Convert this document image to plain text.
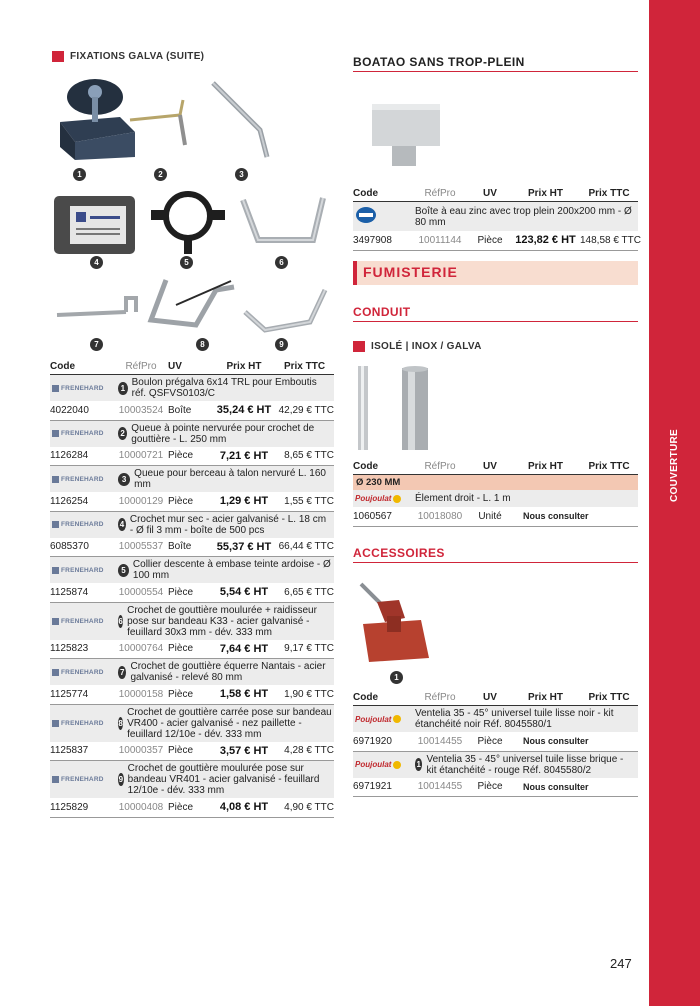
COUVERTURE
FIXATIONS GALVA (SUITE)
1	2	3
4	5	6
7	8	9
Code	RéfPro	UV	Prix HT	Prix TTC

FRENEHARD	1 Boulon prégalva 6x14 TRL pour Emboutis réf. QSFVS0103/C			

4022040	10003524	Boîte	35,24 € HT	42,29 € TTC

FRENEHARD	2 Queue à pointe nervurée pour crochet de gouttière - L. 250 mm			

1126284	10000721	Pièce	7,21 € HT	8,65 € TTC

FRENEHARD	3 Queue pour berceau à talon nervuré L. 160 mm			

1126254	10000129	Pièce	1,29 € HT	1,55 € TTC

FRENEHARD	4 Crochet mur sec - acier galvanisé - L. 18 cm - Ø fil 3 mm - boîte de 500 pcs			

6085370	10005537	Boîte	55,37 € HT	66,44 € TTC

FRENEHARD	5 Collier descente à embase teinte ardoise - Ø 100 mm			

1125874	10000554	Pièce	5,54 € HT	6,65 € TTC

FRENEHARD	6
Crochet de gouttière moulurée + raidisseur pose sur bandeau K33 - acier galvanisé - feuillard 30x3 mm - dév. 333 mm			

1125823	10000764	Pièce	7,64 € HT	9,17 € TTC

FRENEHARD	7 Crochet de gouttière équerre Nantais - acier galvanisé - relevé 80 mm			

1125774	10000158	Pièce	1,58 € HT	1,90 € TTC

FRENEHARD	8
Crochet de gouttière carrée pose sur bandeau VR400 - acier galvanisé - nez paillette - feuillard 12/10e - dév. 333 mm			

1125837	10000357	Pièce	3,57 € HT	4,28 € TTC

FRENEHARD	9
Crochet de gouttière moulurée pose sur bandeau VR401 - acier galvanisé - feuillard 12/10e - dév. 333 mm			

1125829	10000408	Pièce	4,08 € HT	4,90 € TTC
BOATAO SANS TROP-PLEIN
Code	RéfPro	UV	Prix HT	Prix TTC
	Boîte à eau zinc avec trop plein 200x200 mm - Ø 80 mm			
3497908	10011144	Pièce	123,82 € HT	148,58 € TTC
FUMISTERIE
CONDUIT
ISOLÉ | INOX / GALVA
Code	RéfPro	UV	Prix HT	Prix TTC
Ø 230 MM				

Poujoulat	Élement droit - L. 1 m			
1060567	10018080	Unité	Nous consulter	
ACCESSOIRES
1
Code	RéfPro	UV	Prix HT	Prix TTC

Poujoulat	Ventelia 35 - 45° universel tuile lisse noir - kit étanchéité noir Réf. 8045580/1			

6971920	10014455	Pièce	Nous consulter	

Poujoulat	1 Ventelia 35 - 45° universel tuile lisse brique - kit étanchéité - rouge Réf. 8045580/2			

6971921	10014455	Pièce	Nous consulter	
247
